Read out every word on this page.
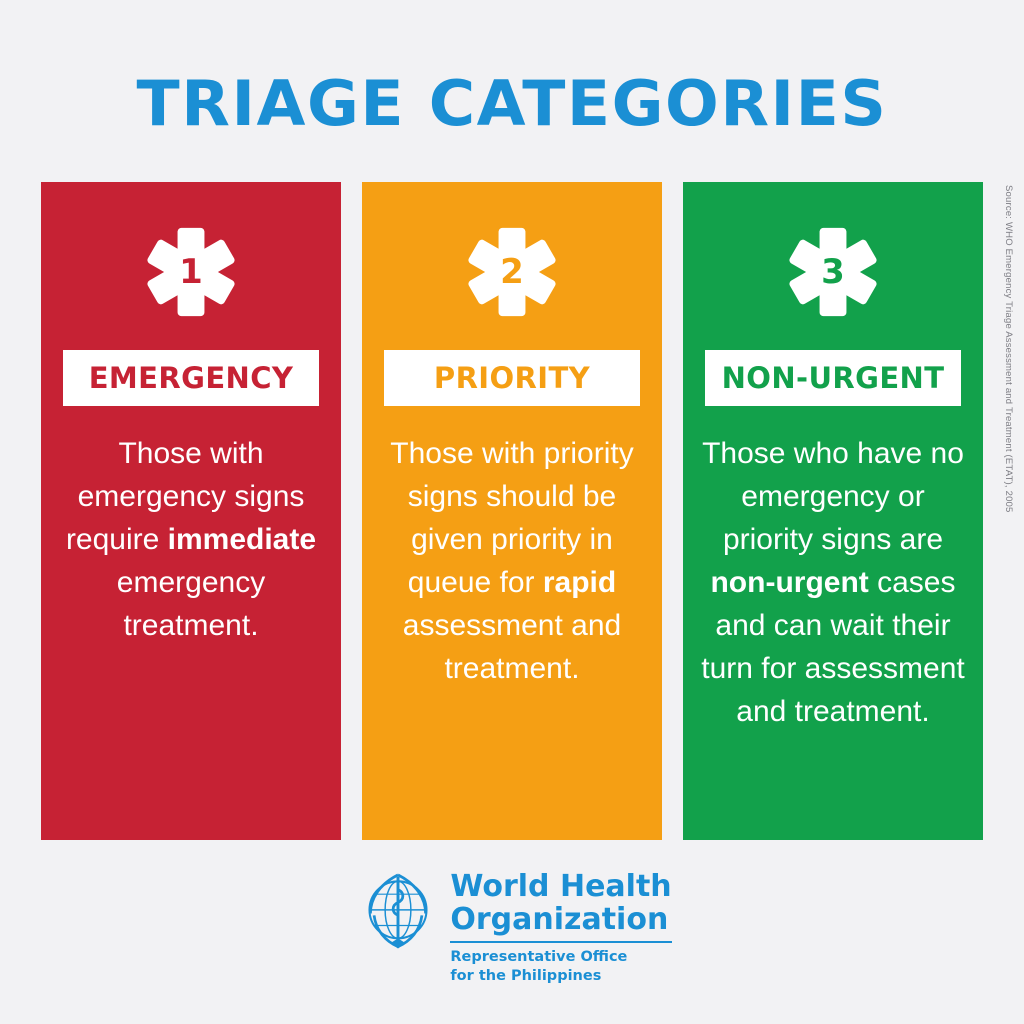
TRIAGE CATEGORIES
1
EMERGENCY
Those with emergency signs require immediate emergency treatment.
2
PRIORITY
Those with priority signs should be given priority in queue for rapid assessment and treatment.
3
NON-URGENT
Those who have no emergency or priority signs are non-urgent cases and can wait their turn for assessment and treatment.
Source: WHO Emergency Triage Assessment and Treatment (ETAT), 2005
World Health
Organization
Representative Office
for the Philippines
